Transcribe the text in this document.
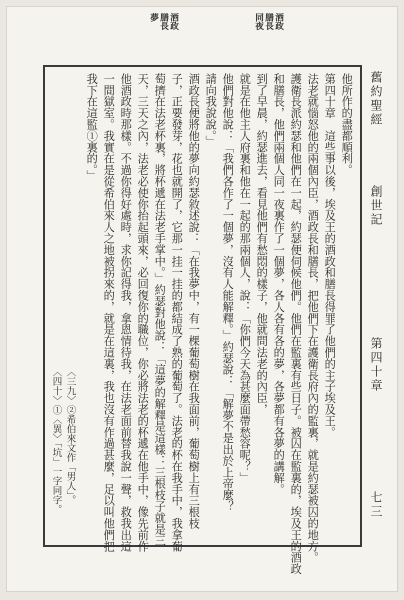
酒政
膳長
夢	酒政
膳長
同夜
他所作的盡都順利。
第四十章　這些事以後，埃及王的酒政和膳長得罪了他們的主子埃及王。
法老就惱怒他的兩個內臣，酒政長和膳長，把他們下在護衛長府內的監裏，就是約瑟被囚的地方。
護衛長派約瑟和他們在一起，約瑟便伺候他們。他們在監裏有些日子。被囚在監裏的，埃及王的酒政
和膳長，他們兩個人同一夜裏作了一個夢，各人各有各的夢，各夢都有各夢的講解。
到了早晨，約瑟進去，看見他們有愁悶的樣子，他就問法老的內臣，
就是在他主人府裏和他在一起的那兩個人，說：「你們今天為甚麼面帶愁容呢？」
他們對他說：「我們各作了一個夢，沒有人能解釋。」約瑟說：「解夢不是出於上帝麼？
請向我說說。」
酒政長便將他的夢向約瑟敘述說：「在我夢中，有一棵葡萄樹在我面前，葡萄樹上有三根枝
子，正要發芽，花也就開了，它那一挂一挂的都結成了熟的葡萄了。法老的杯在我手中，我拿葡
萄擠在法老杯裏，將杯遞在法老手掌中。」約瑟對他說：「這夢的解釋是這樣：三根枝子就是三
天，三天之內，法老必使你抬起頭來，必回復你的職位，你必將法老的杯遞在他手中，像先前作
他酒政時那樣。不過你得好處時，求你記得我，拿恩情待我，在法老面前替我說一聲，救我出這
一間獄室。我實在是從希伯來人之地被拐來的，就是在這裏，我也沒有作過甚麼，足以叫他們把
我下在這監①裏的。」
〈三九〉②希伯來文作「男人」。
〈四十〉①〈異〉「坑」一字同字。
舊約聖經
創世記
第四十章
七三
